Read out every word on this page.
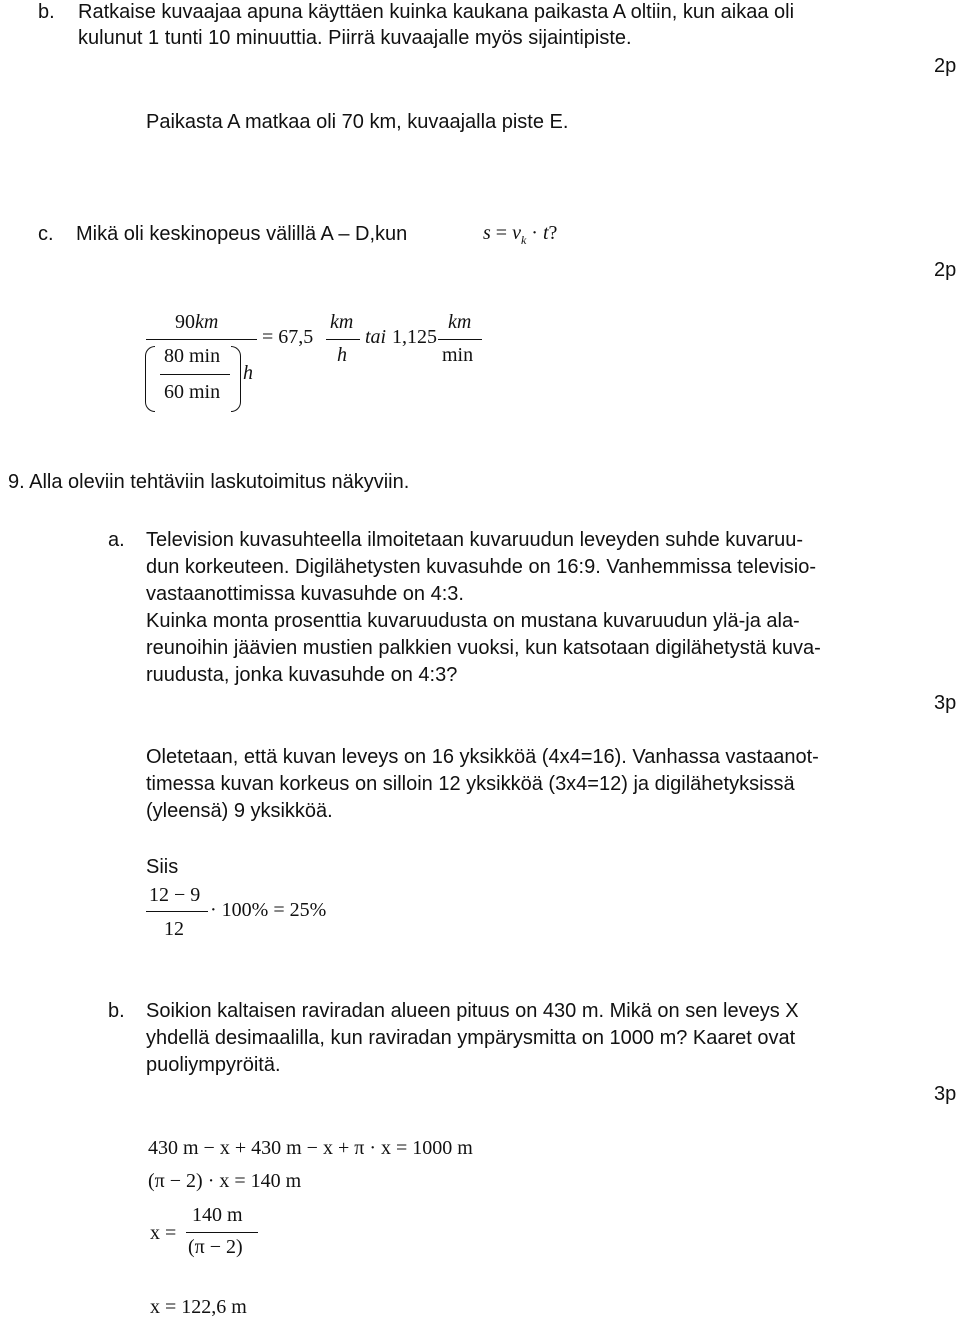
b. Ratkaise kuvaajaa apuna käyttäen kuinka kaukana paikasta A oltiin, kun aikaa oli
kulunut 1 tunti 10 minuuttia. Piirrä kuvaajalle myös sijaintipiste.
2p
Paikasta A matkaa oli 70 km, kuvaajalla piste E.
c. Mikä oli keskinopeus välillä A – D,kun	$s = v_k \cdot t$?
2p
90km
80 min
60 min
h
= 67,5
km
h
tai 1,125
km
min
9. Alla oleviin tehtäviin laskutoimitus näkyviin.
a. Television kuvasuhteella ilmoitetaan kuvaruudun leveyden suhde kuvaruu-
dun korkeuteen. Digilähetysten kuvasuhde on 16:9. Vanhemmissa televisio-
vastaanottimissa kuvasuhde on 4:3.
Kuinka monta prosenttia kuvaruudusta on mustana kuvaruudun ylä-ja ala-
reunoihin jäävien mustien palkkien vuoksi, kun katsotaan digilähetystä kuva-
ruudusta, jonka kuvasuhde on 4:3?
3p
Oletetaan, että kuvan leveys on 16 yksikköä (4x4=16). Vanhassa vastaanot-
timessa kuvan korkeus on silloin 12 yksikköä (3x4=12) ja digilähetyksissä
(yleensä) 9 yksikköä.
Siis
12 − 9
12
· 100% = 25%
b. Soikion kaltaisen raviradan alueen pituus on 430 m. Mikä on sen leveys X
yhdellä desimaalilla, kun raviradan ympärysmitta on 1000 m? Kaaret ovat
puoliympyröitä.
3p
430 m − x + 430 m − x + π · x = 1000 m
(π − 2) · x = 140 m
x =
140 m
(π − 2)
x = 122,6 m
